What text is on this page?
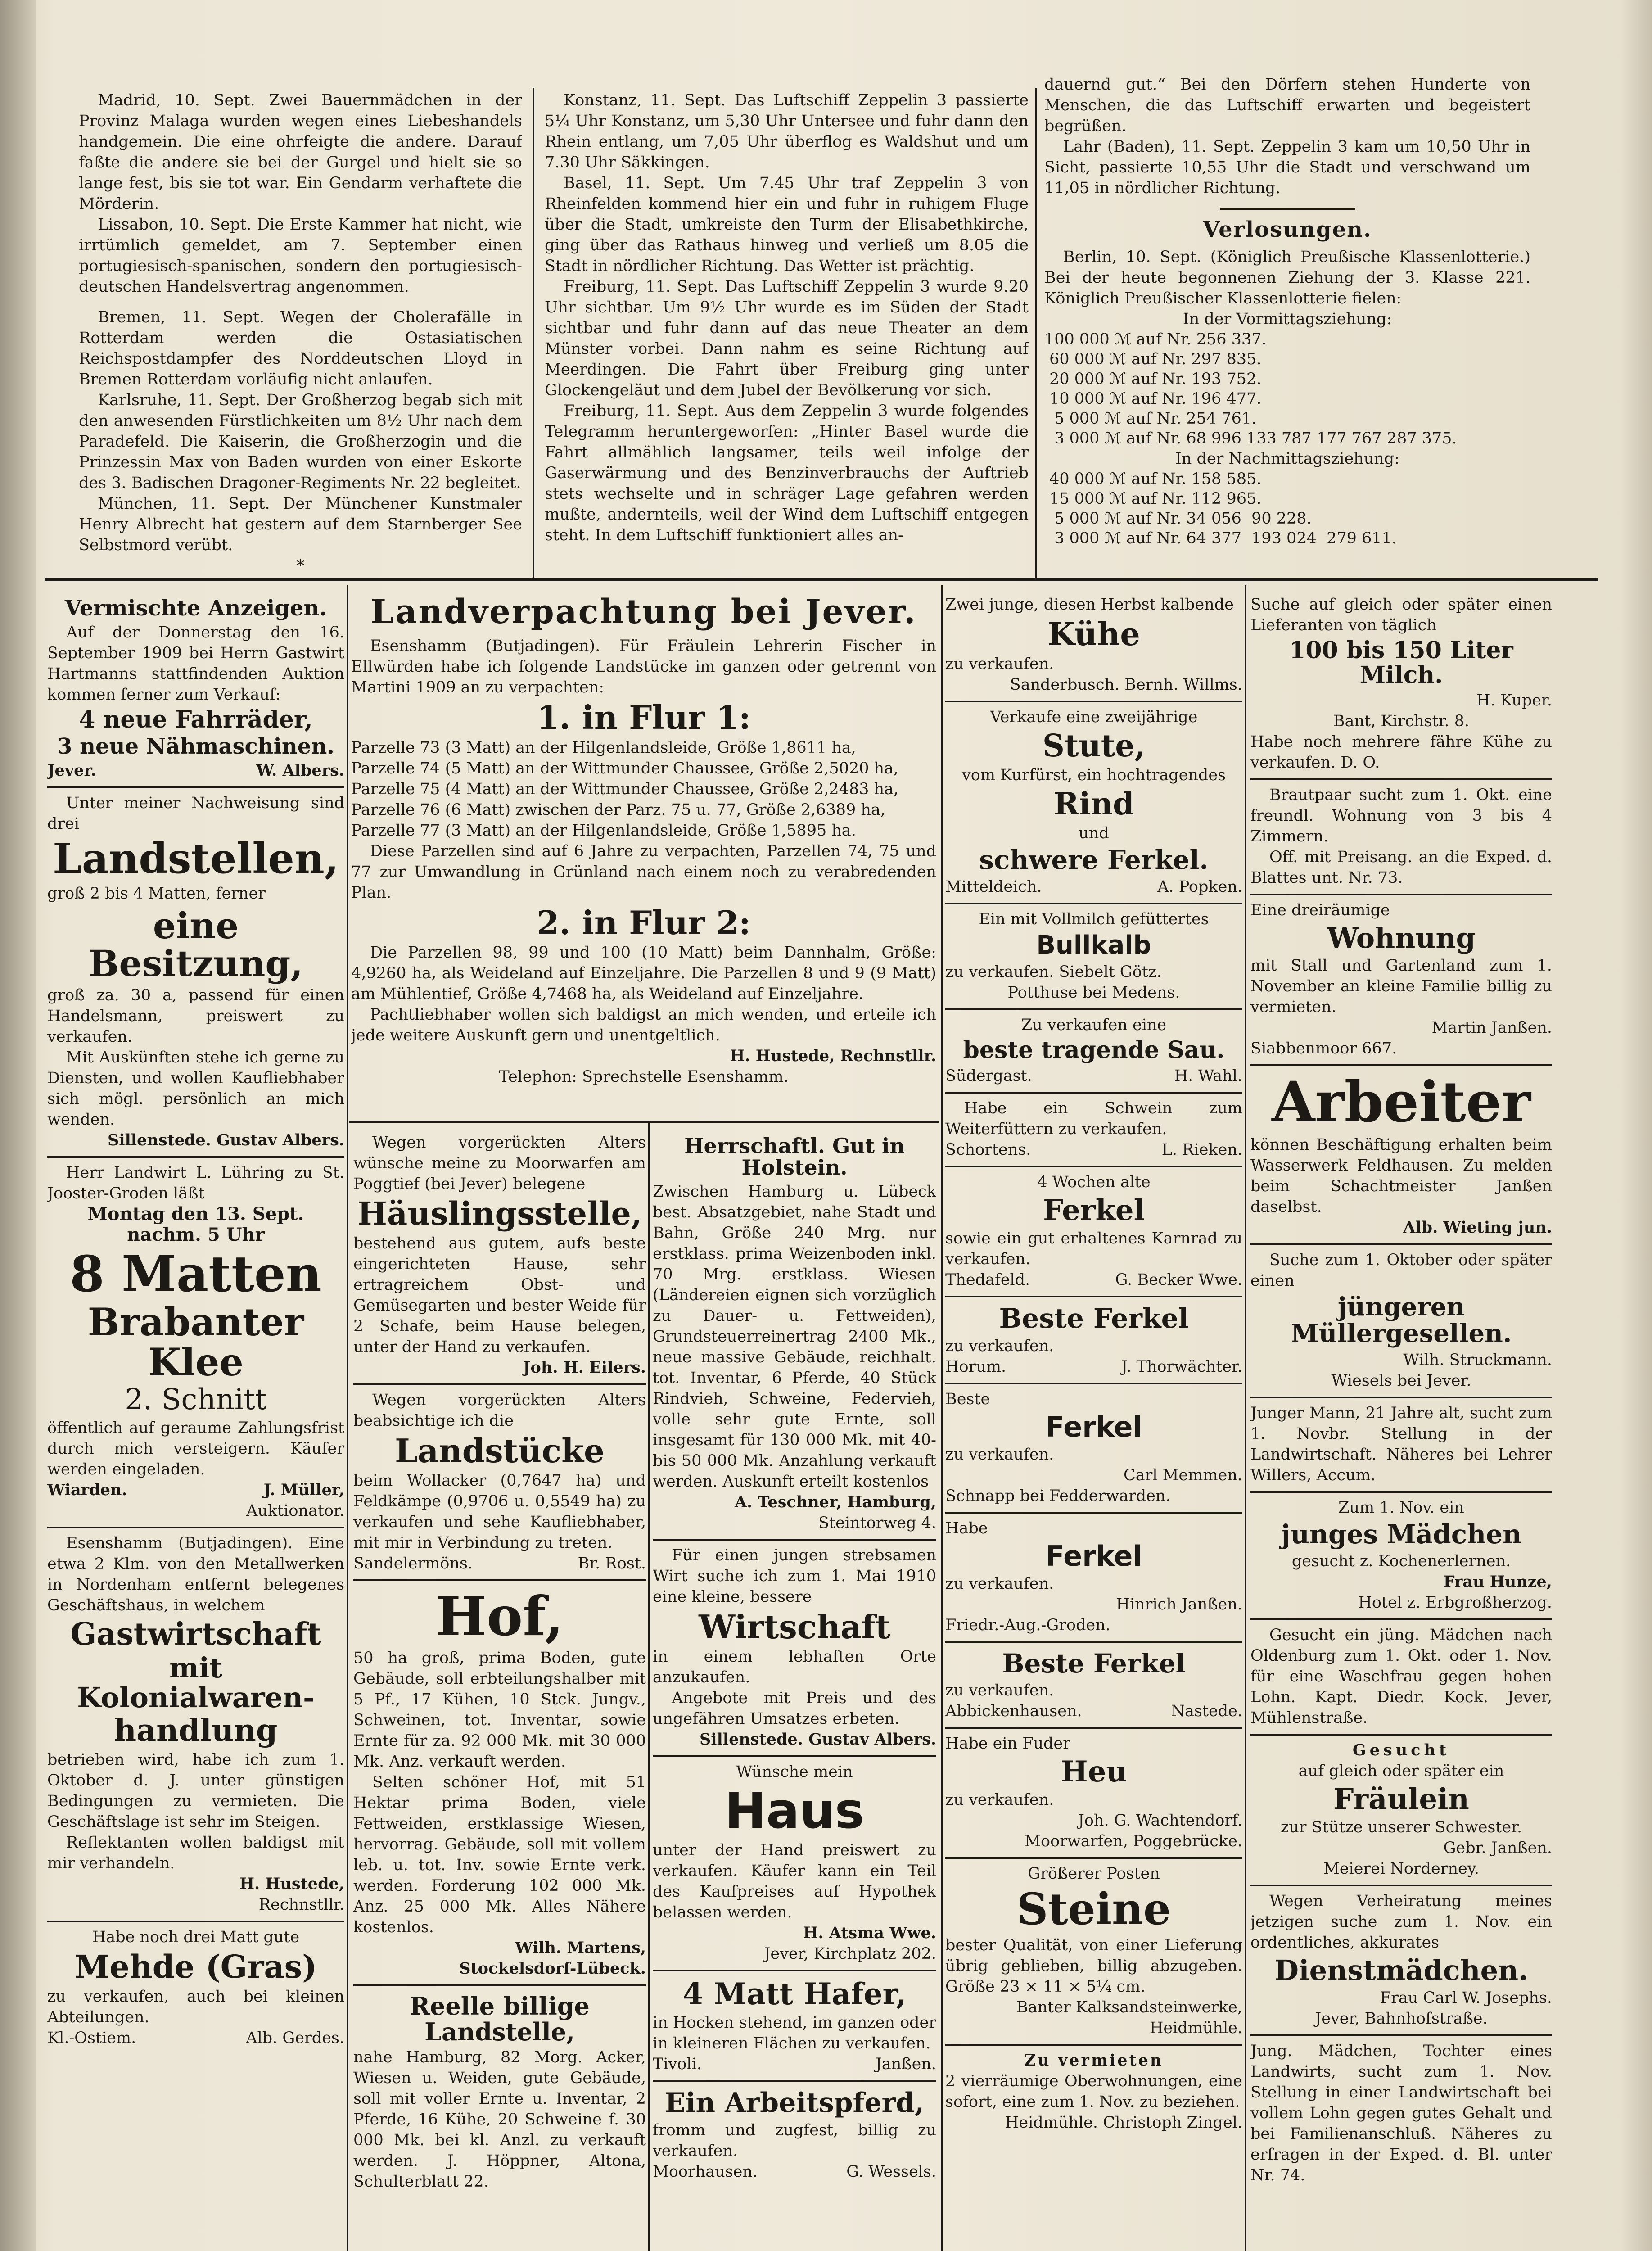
Madrid, 10. Sept. Zwei Bauernmädchen in der Provinz Malaga wurden wegen eines Liebeshandels handgemein. Die eine ohrfeigte die andere. Darauf faßte die andere sie bei der Gurgel und hielt sie so lange fest, bis sie tot war. Ein Gendarm verhaftete die Mörderin.

Lissabon, 10. Sept. Die Erste Kammer hat nicht, wie irrtümlich gemeldet, am 7. September einen portugiesisch-spanischen, sondern den portugiesisch-deutschen Handelsvertrag angenommen.

Bremen, 11. Sept. Wegen der Cholerafälle in Rotterdam werden die Ostasiatischen Reichspostdampfer des Norddeutschen Lloyd in Bremen Rotterdam vorläufig nicht anlaufen.

Karlsruhe, 11. Sept. Der Großherzog begab sich mit den anwesenden Fürstlichkeiten um 8½ Uhr nach dem Paradefeld. Die Kaiserin, die Großherzogin und die Prinzessin Max von Baden wurden von einer Eskorte des 3. Badischen Dragoner-Regiments Nr. 22 begleitet.

München, 11. Sept. Der Münchener Kunstmaler Henry Albrecht hat gestern auf dem Starnberger See Selbstmord verübt.

*

Konstanz, 11. Sept. Das Luftschiff Zeppelin 3 passierte 5¼ Uhr Konstanz, um 5,30 Uhr Untersee und fuhr dann den Rhein entlang, um 7,05 Uhr überflog es Waldshut und um 7.30 Uhr Säkkingen.

Basel, 11. Sept. Um 7.45 Uhr traf Zeppelin 3 von Rheinfelden kommend hier ein und fuhr in ruhigem Fluge über die Stadt, umkreiste den Turm der Elisabethkirche, ging über das Rathaus hinweg und verließ um 8.05 die Stadt in nördlicher Richtung. Das Wetter ist prächtig.

Freiburg, 11. Sept. Das Luftschiff Zeppelin 3 wurde 9.20 Uhr sichtbar. Um 9½ Uhr wurde es im Süden der Stadt sichtbar und fuhr dann auf das neue Theater an dem Münster vorbei. Dann nahm es seine Richtung auf Meerdingen. Die Fahrt über Freiburg ging unter Glockengeläut und dem Jubel der Bevölkerung vor sich.

Freiburg, 11. Sept. Aus dem Zeppelin 3 wurde folgendes Telegramm heruntergeworfen: „Hinter Basel wurde die Fahrt allmählich langsamer, teils weil infolge der Gaserwärmung und des Benzinverbrauchs der Auftrieb stets wechselte und in schräger Lage gefahren werden mußte, andernteils, weil der Wind dem Luftschiff entgegen steht. In dem Luftschiff funktioniert alles an-

dauernd gut.“ Bei den Dörfern stehen Hunderte von Menschen, die das Luftschiff erwarten und begeistert begrüßen.

Lahr (Baden), 11. Sept. Zeppelin 3 kam um 10,50 Uhr in Sicht, passierte 10,55 Uhr die Stadt und verschwand um 11,05 in nördlicher Richtung.

Verlosungen.

Berlin, 10. Sept. (Königlich Preußische Klassenlotterie.) Bei der heute begonnenen Ziehung der 3. Klasse 221. Königlich Preußischer Klassenlotterie fielen:

In der Vormittagsziehung:

100 000 ℳ auf Nr. 256 337.
60 000 ℳ auf Nr. 297 835.
20 000 ℳ auf Nr. 193 752.
10 000 ℳ auf Nr. 196 477.
5 000 ℳ auf Nr. 254 761.
3 000 ℳ auf Nr. 68 996 133 787 177 767 287 375.

In der Nachmittagsziehung:

40 000 ℳ auf Nr. 158 585.
15 000 ℳ auf Nr. 112 965.
5 000 ℳ auf Nr. 34 056  90 228.
3 000 ℳ auf Nr. 64 377  193 024  279 611.
Vermischte Anzeigen.

Auf der Donnerstag den 16. September 1909 bei Herrn Gastwirt Hartmanns stattfindenden Auktion kommen ferner zum Verkauf:

4 neue Fahrräder,
3 neue Nähmaschinen.
Jever.	W. Albers.

Unter meiner Nachweisung sind drei

Landstellen,

groß 2 bis 4 Matten, ferner

eine Besitzung,

groß za. 30 a, passend für einen Handelsmann, preiswert zu verkaufen.

Mit Auskünften stehe ich gerne zu Diensten, und wollen Kaufliebhaber sich mögl. persönlich an mich wenden.

Sillenstede. Gustav Albers.

Herr Landwirt L. Lühring zu St. Jooster-Groden läßt

Montag den 13. Sept.

nachm. 5 Uhr

8 Matten
Brabanter Klee
2. Schnitt

öffentlich auf geraume Zahlungsfrist durch mich versteigern. Käufer werden eingeladen.

Wiarden.	J. Müller,

Auktionator.

Esenshamm (Butjadingen). Eine etwa 2 Klm. von den Metallwerken in Nordenham entfernt belegenes Geschäftshaus, in welchem

Gastwirtschaft
mit Kolonialwaren-
handlung

betrieben wird, habe ich zum 1. Oktober d. J. unter günstigen Bedingungen zu vermieten. Die Geschäftslage ist sehr im Steigen.

Reflektanten wollen baldigst mit mir verhandeln.

H. Hustede,

Rechnstllr.

Habe noch drei Matt gute

Mehde (Gras)

zu verkaufen, auch bei kleinen Abteilungen.

Kl.-Ostiem.	Alb. Gerdes.
Landverpachtung bei Jever.

Esenshamm (Butjadingen). Für Fräulein Lehrerin Fischer in Ellwürden habe ich folgende Landstücke im ganzen oder getrennt von Martini 1909 an zu verpachten:

1. in Flur 1:

Parzelle 73 (3 Matt) an der Hilgenlandsleide, Größe 1,8611 ha,

Parzelle 74 (5 Matt) an der Wittmunder Chaussee, Größe 2,5020 ha,

Parzelle 75 (4 Matt) an der Wittmunder Chaussee, Größe 2,2483 ha,

Parzelle 76 (6 Matt) zwischen der Parz. 75 u. 77, Größe 2,6389 ha,

Parzelle 77 (3 Matt) an der Hilgenlandsleide, Größe 1,5895 ha.

Diese Parzellen sind auf 6 Jahre zu verpachten, Parzellen 74, 75 und 77 zur Umwandlung in Grünland nach einem noch zu verabredenden Plan.

2. in Flur 2:

Die Parzellen 98, 99 und 100 (10 Matt) beim Dannhalm, Größe: 4,9260 ha, als Weideland auf Einzeljahre. Die Parzellen 8 und 9 (9 Matt) am Mühlentief, Größe 4,7468 ha, als Weideland auf Einzeljahre.

Pachtliebhaber wollen sich baldigst an mich wenden, und erteile ich jede weitere Auskunft gern und unentgeltlich.

H. Hustede, Rechnstllr.

Telephon: Sprechstelle Esenshamm.

Wegen vorgerückten Alters wünsche meine zu Moorwarfen am Poggtief (bei Jever) belegene

Häuslingsstelle,

bestehend aus gutem, aufs beste eingerichteten Hause, sehr ertragreichem Obst- und Gemüsegarten und bester Weide für 2 Schafe, beim Hause belegen, unter der Hand zu verkaufen.

Joh. H. Eilers.

Wegen vorgerückten Alters beabsichtige ich die

Landstücke

beim Wollacker (0,7647 ha) und Feldkämpe (0,9706 u. 0,5549 ha) zu verkaufen und sehe Kaufliebhaber, mit mir in Verbindung zu treten.

Sandelermöns.	Br. Rost.
Hof,

50 ha groß, prima Boden, gute Gebäude, soll erbteilungshalber mit 5 Pf., 17 Kühen, 10 Stck. Jungv., Schweinen, tot. Inventar, sowie Ernte für za. 92 000 Mk. mit 30 000 Mk. Anz. verkauft werden.

Selten schöner Hof, mit 51 Hektar prima Boden, viele Fettweiden, erstklassige Wiesen, hervorrag. Gebäude, soll mit vollem leb. u. tot. Inv. sowie Ernte verk. werden. Forderung 102 000 Mk. Anz. 25 000 Mk. Alles Nähere kostenlos.

Wilh. Martens,

Stockelsdorf-Lübeck.

Reelle billige Landstelle,

nahe Hamburg, 82 Morg. Acker, Wiesen u. Weiden, gute Gebäude, soll mit voller Ernte u. Inventar, 2 Pferde, 16 Kühe, 20 Schweine f. 30 000 Mk. bei kl. Anzl. zu verkauft werden. J. Höppner, Altona, Schulterblatt 22.

Herrschaftl. Gut in Holstein.

Zwischen Hamburg u. Lübeck best. Absatzgebiet, nahe Stadt und Bahn, Größe 240 Mrg. nur erstklass. prima Weizenboden inkl. 70 Mrg. erstklass. Wiesen (Ländereien eignen sich vorzüglich zu Dauer- u. Fettweiden), Grundsteuerreinertrag 2400 Mk., neue massive Gebäude, reichhalt. tot. Inventar, 6 Pferde, 40 Stück Rindvieh, Schweine, Federvieh, volle sehr gute Ernte, soll insgesamt für 130 000 Mk. mit 40- bis 50 000 Mk. Anzahlung verkauft werden. Auskunft erteilt kostenlos

A. Teschner, Hamburg,

Steintorweg 4.

Für einen jungen strebsamen Wirt suche ich zum 1. Mai 1910 eine kleine, bessere

Wirtschaft

in einem lebhaften Orte anzukaufen.

Angebote mit Preis und des ungefähren Umsatzes erbeten.

Sillenstede. Gustav Albers.

Wünsche mein

Haus

unter der Hand preiswert zu verkaufen. Käufer kann ein Teil des Kaufpreises auf Hypothek belassen werden.

H. Atsma Wwe.

Jever, Kirchplatz 202.

4 Matt Hafer,

in Hocken stehend, im ganzen oder in kleineren Flächen zu verkaufen.

Tivoli.	Janßen.
Ein Arbeitspferd,

fromm und zugfest, billig zu verkaufen.

Moorhausen.	G. Wessels.

Zwei junge, diesen Herbst kalbende

Kühe

zu verkaufen.

Sanderbusch. Bernh. Willms.

Verkaufe eine zweijährige

Stute,

vom Kurfürst, ein hochtragendes

Rind

und

schwere Ferkel.
Mitteldeich.	A. Popken.

Ein mit Vollmilch gefüttertes

Bullkalb

zu verkaufen. Siebelt Götz.

Potthuse bei Medens.

Zu verkaufen eine

beste tragende Sau.
Südergast.	H. Wahl.

Habe ein Schwein zum Weiterfüttern zu verkaufen.

Schortens.	L. Rieken.

4 Wochen alte

Ferkel

sowie ein gut erhaltenes Karnrad zu verkaufen.

Thedafeld.	G. Becker Wwe.
Beste Ferkel

zu verkaufen.

Horum.	J. Thorwächter.

Beste

Ferkel

zu verkaufen.

Carl Memmen.

Schnapp bei Fedderwarden.

Habe

Ferkel

zu verkaufen.

Hinrich Janßen.

Friedr.-Aug.-Groden.

Beste Ferkel

zu verkaufen.

Abbickenhausen.	Nastede.

Habe ein Fuder

Heu

zu verkaufen.

Joh. G. Wachtendorf.

Moorwarfen, Poggebrücke.

Größerer Posten

Steine

bester Qualität, von einer Lieferung übrig geblieben, billig abzugeben. Größe 23 × 11 × 5¼ cm.

Banter Kalksandsteinwerke,

Heidmühle.

Zu vermieten

2 vierräumige Oberwohnungen, eine sofort, eine zum 1. Nov. zu beziehen.

Heidmühle. Christoph Zingel.

Suche auf gleich oder später einen Lieferanten von täglich

100 bis 150 Liter Milch.

H. Kuper.

Bant, Kirchstr. 8.

Habe noch mehrere fähre Kühe zu verkaufen. D. O.

Brautpaar sucht zum 1. Okt. eine freundl. Wohnung von 3 bis 4 Zimmern.

Off. mit Preisang. an die Exped. d. Blattes unt. Nr. 73.

Eine dreiräumige

Wohnung

mit Stall und Gartenland zum 1. November an kleine Familie billig zu vermieten.

Martin Janßen.

Siabbenmoor 667.

Arbeiter

können Beschäftigung erhalten beim Wasserwerk Feldhausen. Zu melden beim Schachtmeister Janßen daselbst.

Alb. Wieting jun.

Suche zum 1. Oktober oder später einen

jüngeren Müllergesellen.

Wilh. Struckmann.

Wiesels bei Jever.

Junger Mann, 21 Jahre alt, sucht zum 1. Novbr. Stellung in der Landwirtschaft. Näheres bei Lehrer Willers, Accum.

Zum 1. Nov. ein

junges Mädchen

gesucht z. Kochenerlernen.

Frau Hunze,

Hotel z. Erbgroßherzog.

Gesucht ein jüng. Mädchen nach Oldenburg zum 1. Okt. oder 1. Nov. für eine Waschfrau gegen hohen Lohn. Kapt. Diedr. Kock. Jever, Mühlenstraße.

Gesucht

auf gleich oder später ein

Fräulein

zur Stütze unserer Schwester.

Gebr. Janßen.

Meierei Norderney.

Wegen Verheiratung meines jetzigen suche zum 1. Nov. ein ordentliches, akkurates

Dienstmädchen.

Frau Carl W. Josephs.

Jever, Bahnhofstraße.

Jung. Mädchen, Tochter eines Landwirts, sucht zum 1. Nov. Stellung in einer Landwirtschaft bei vollem Lohn gegen gutes Gehalt und bei Familienanschluß. Näheres zu erfragen in der Exped. d. Bl. unter Nr. 74.
